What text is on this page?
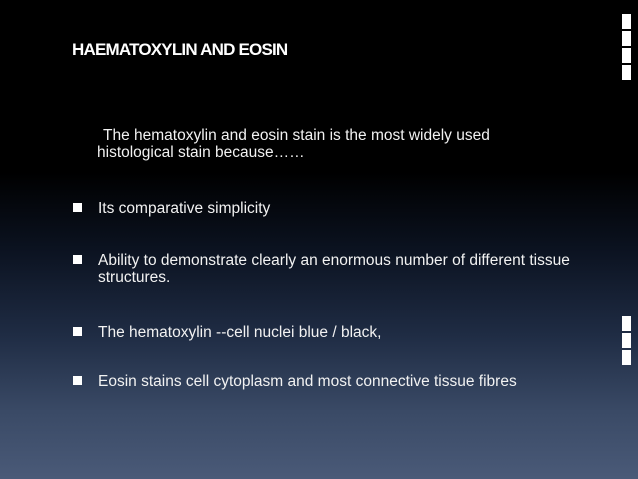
HAEMATOXYLIN AND EOSIN
The hematoxylin and eosin stain is the most widely used histological stain because……
Its comparative simplicity
Ability to demonstrate clearly an enormous number of different tissue structures.
The hematoxylin --cell nuclei blue / black,
Eosin stains cell cytoplasm and most connective tissue fibres
